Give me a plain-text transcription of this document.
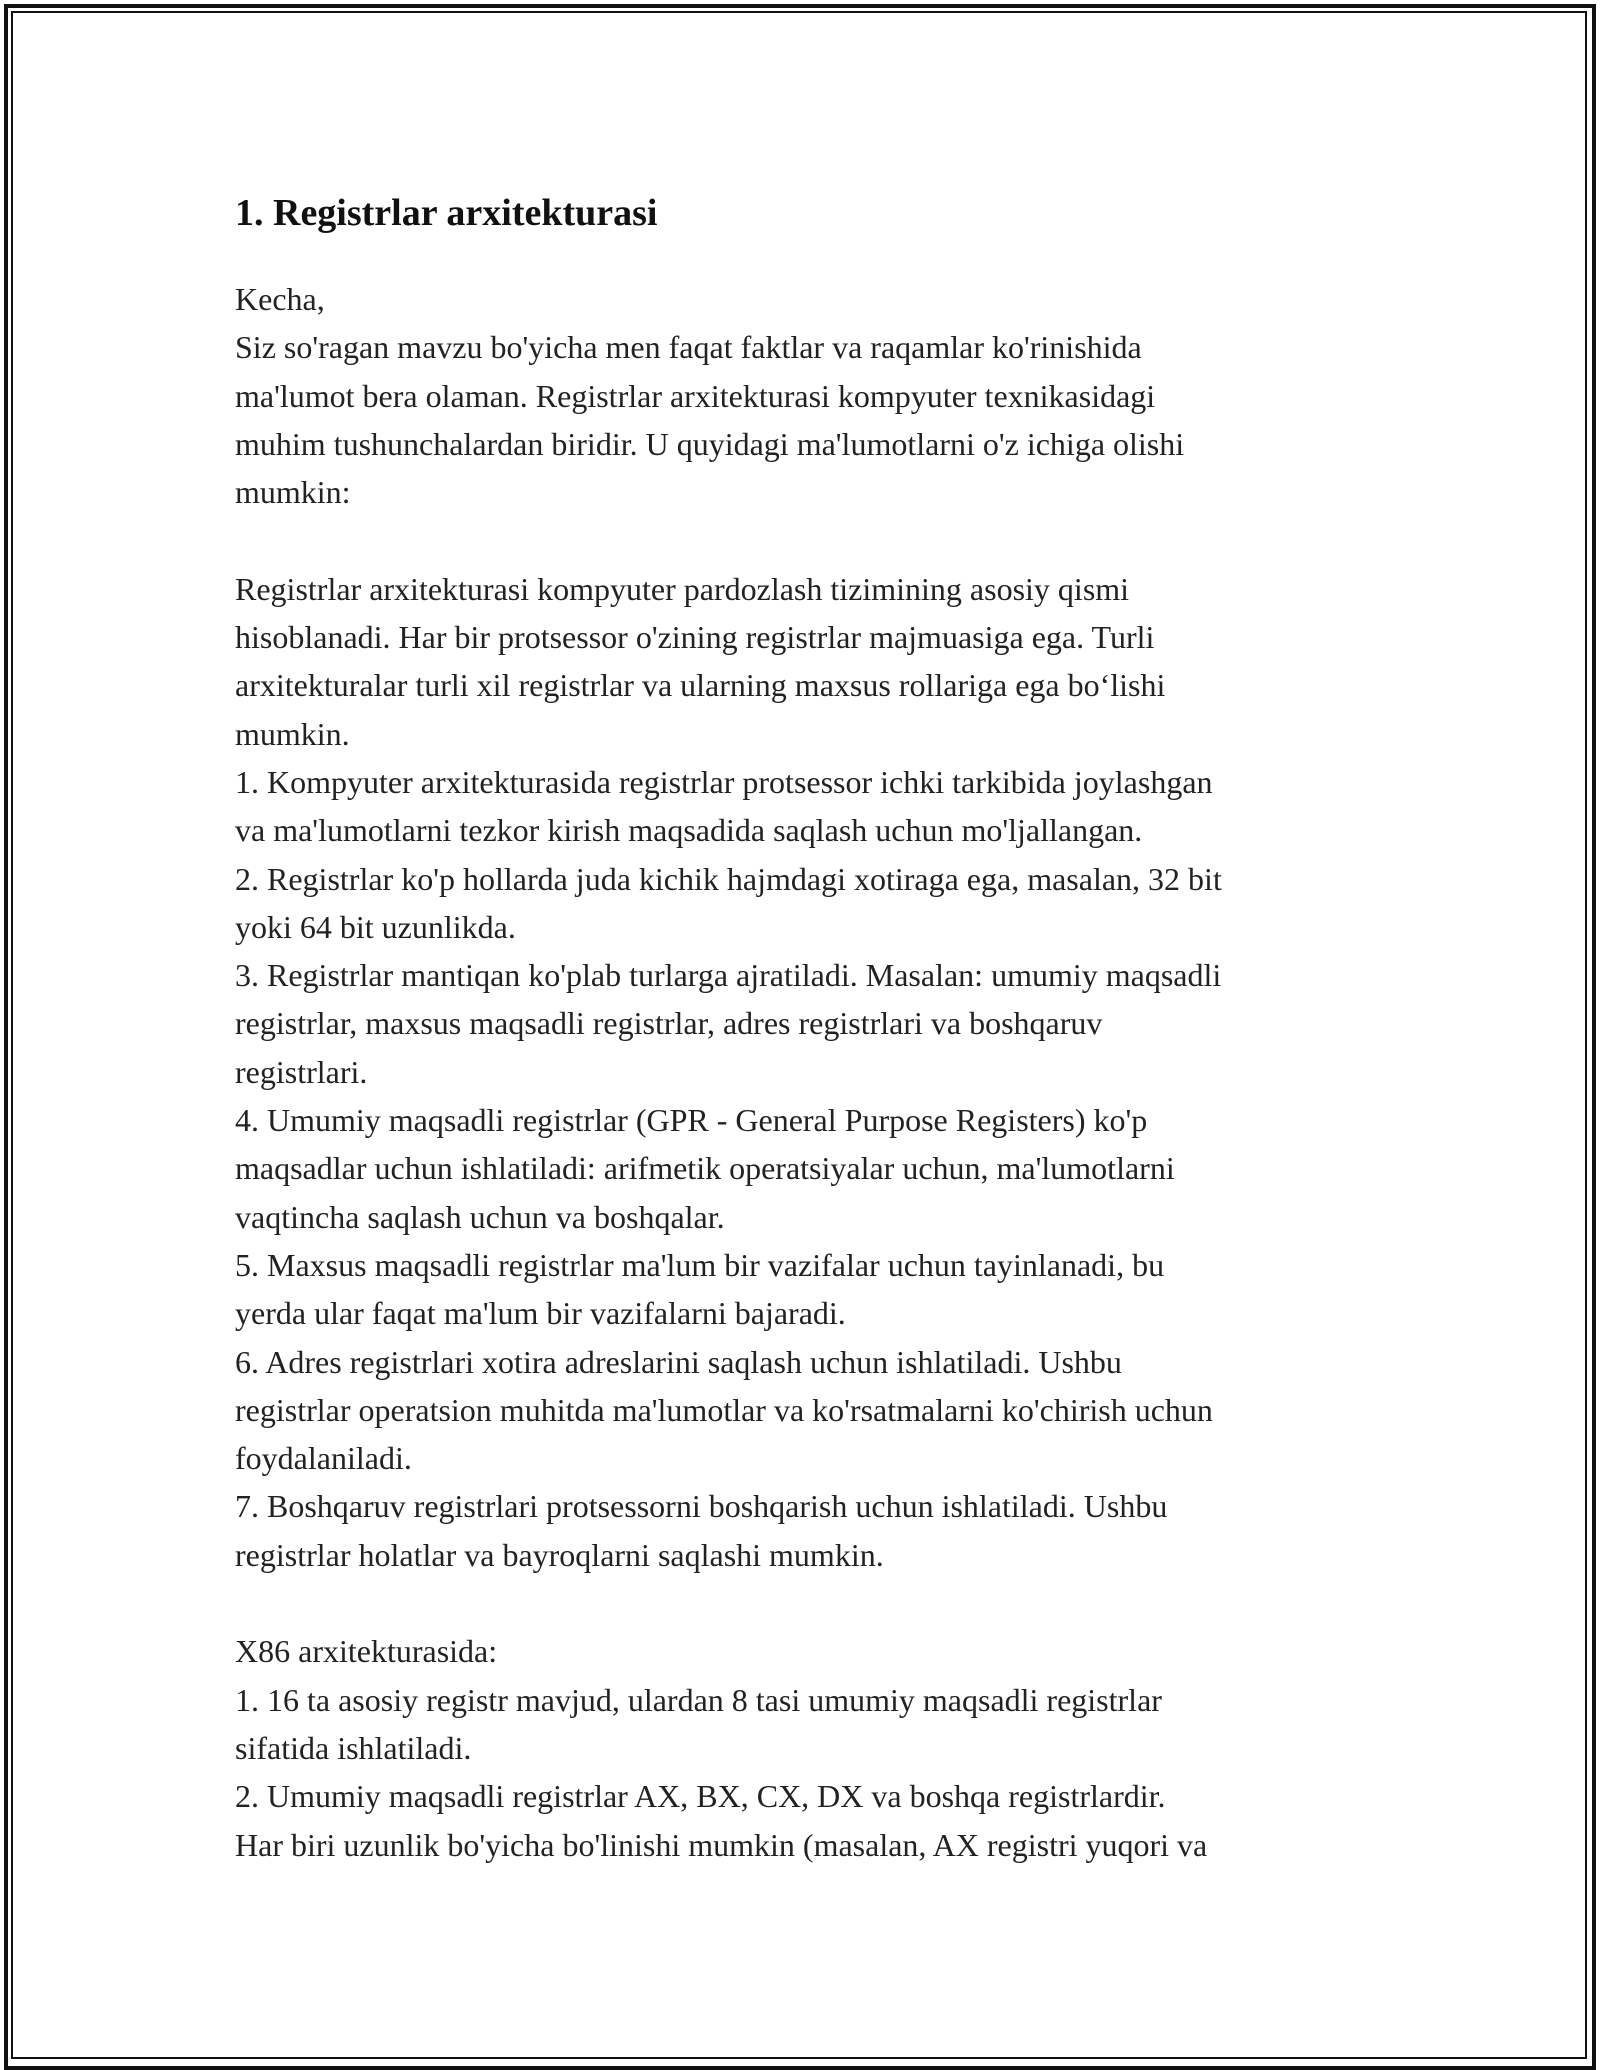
1. Registrlar arxitekturasi

Kecha,
Siz so'ragan mavzu bo'yicha men faqat faktlar va raqamlar ko'rinishida
ma'lumot bera olaman. Registrlar arxitekturasi kompyuter texnikasidagi
muhim tushunchalardan biridir. U quyidagi ma'lumotlarni o'z ichiga olishi
mumkin:

Registrlar arxitekturasi kompyuter pardozlash tizimining asosiy qismi
hisoblanadi. Har bir protsessor o'zining registrlar majmuasiga ega. Turli
arxitekturalar turli xil registrlar va ularning maxsus rollariga ega bo‘lishi
mumkin.
1. Kompyuter arxitekturasida registrlar protsessor ichki tarkibida joylashgan
va ma'lumotlarni tezkor kirish maqsadida saqlash uchun mo'ljallangan.
2. Registrlar ko'p hollarda juda kichik hajmdagi xotiraga ega, masalan, 32 bit
yoki 64 bit uzunlikda.
3. Registrlar mantiqan ko'plab turlarga ajratiladi. Masalan: umumiy maqsadli
registrlar, maxsus maqsadli registrlar, adres registrlari va boshqaruv
registrlari.
4. Umumiy maqsadli registrlar (GPR - General Purpose Registers) ko'p
maqsadlar uchun ishlatiladi: arifmetik operatsiyalar uchun, ma'lumotlarni
vaqtincha saqlash uchun va boshqalar.
5. Maxsus maqsadli registrlar ma'lum bir vazifalar uchun tayinlanadi, bu
yerda ular faqat ma'lum bir vazifalarni bajaradi.
6. Adres registrlari xotira adreslarini saqlash uchun ishlatiladi. Ushbu
registrlar operatsion muhitda ma'lumotlar va ko'rsatmalarni ko'chirish uchun
foydalaniladi.
7. Boshqaruv registrlari protsessorni boshqarish uchun ishlatiladi. Ushbu
registrlar holatlar va bayroqlarni saqlashi mumkin.

X86 arxitekturasida:
1. 16 ta asosiy registr mavjud, ulardan 8 tasi umumiy maqsadli registrlar
sifatida ishlatiladi.
2. Umumiy maqsadli registrlar AX, BX, CX, DX va boshqa registrlardir.
Har biri uzunlik bo'yicha bo'linishi mumkin (masalan, AX registri yuqori va
